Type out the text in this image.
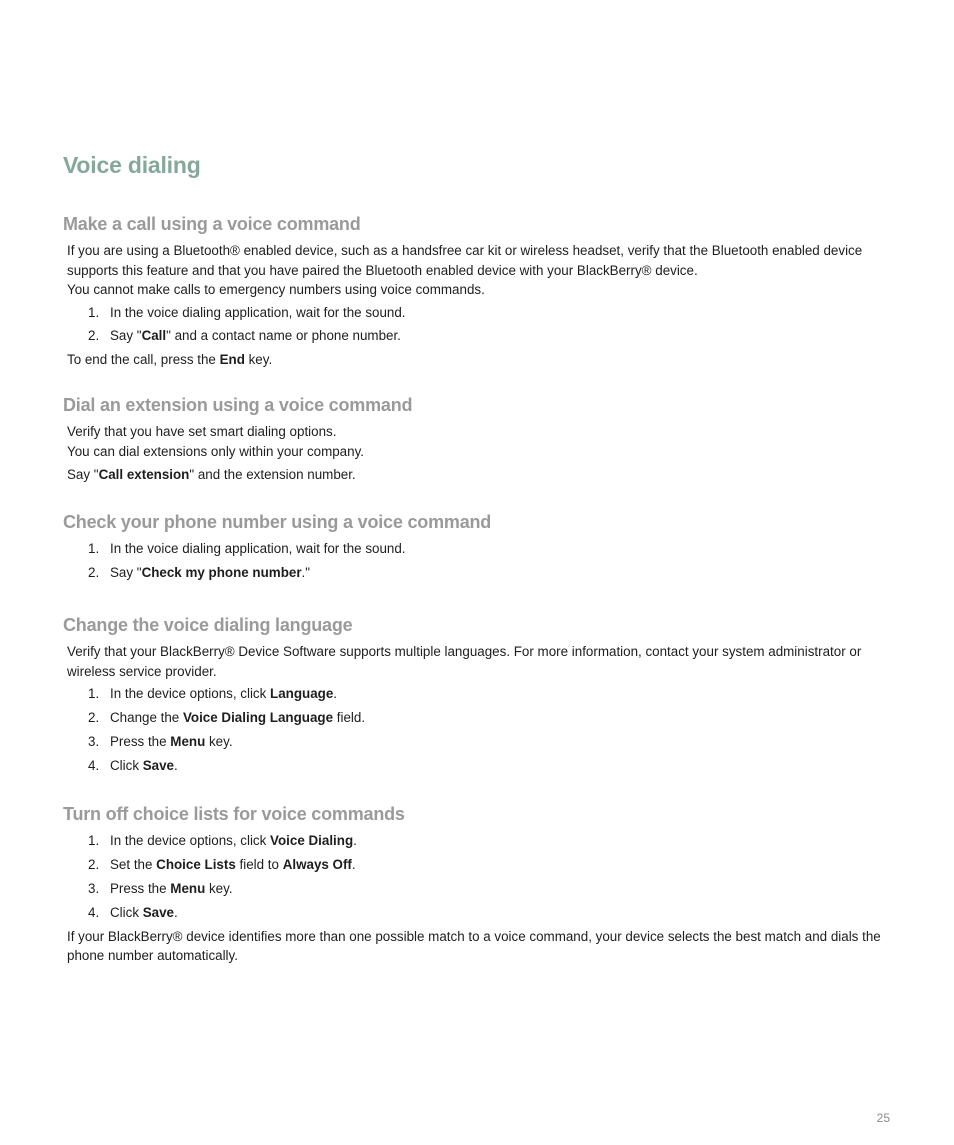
Voice dialing
Make a call using a voice command

If you are using a Bluetooth® enabled device, such as a handsfree car kit or wireless headset, verify that the Bluetooth enabled device supports this feature and that you have paired the Bluetooth enabled device with your BlackBerry® device.

You cannot make calls to emergency numbers using voice commands.

1. In the voice dialing application, wait for the sound.
2. Say "Call" and a contact name or phone number.

To end the call, press the End key.

Dial an extension using a voice command

Verify that you have set smart dialing options.

You can dial extensions only within your company.

Say "Call extension" and the extension number.

Check your phone number using a voice command
1. In the voice dialing application, wait for the sound.
2. Say "Check my phone number."
Change the voice dialing language

Verify that your BlackBerry® Device Software supports multiple languages. For more information, contact your system administrator or wireless service provider.

1. In the device options, click Language.
2. Change the Voice Dialing Language field.
3. Press the Menu key.
4. Click Save.
Turn off choice lists for voice commands
1. In the device options, click Voice Dialing.
2. Set the Choice Lists field to Always Off.
3. Press the Menu key.
4. Click Save.

If your BlackBerry® device identifies more than one possible match to a voice command, your device selects the best match and dials the phone number automatically.

25
